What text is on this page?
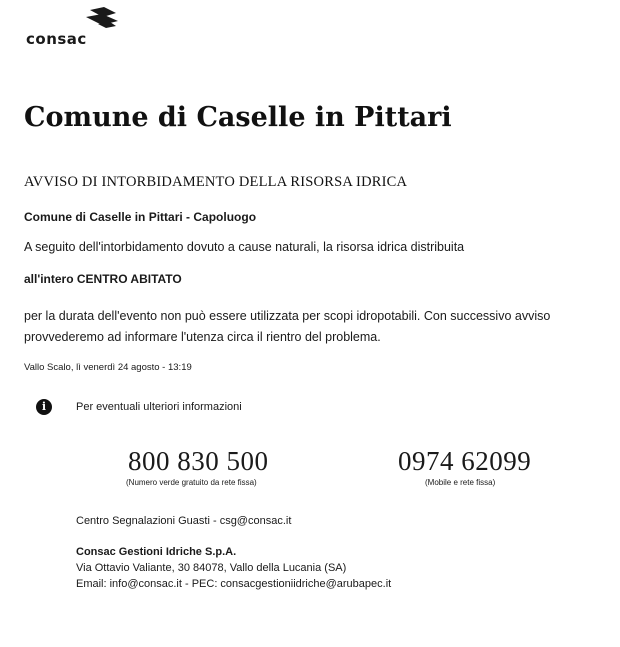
consac
Comune di Caselle in Pittari
AVVISO DI INTORBIDAMENTO DELLA RISORSA IDRICA
Comune di Caselle in Pittari - Capoluogo
A seguito dell'intorbidamento dovuto a cause naturali, la risorsa idrica distribuita
all'intero CENTRO ABITATO
per la durata dell'evento non può essere utilizzata per scopi idropotabili. Con successivo avviso
provvederemo ad informare l'utenza circa il rientro del problema.
Vallo Scalo, lì venerdì 24 agosto - 13:19
i	Per eventuali ulteriori informazioni
800 830 500
(Numero verde gratuito da rete fissa)
0974 62099
(Mobile e rete fissa)
Centro Segnalazioni Guasti - csg@consac.it
Consac Gestioni Idriche S.p.A.
Via Ottavio Valiante, 30 84078, Vallo della Lucania (SA)
Email: info@consac.it - PEC: consacgestioniidriche@arubapec.it
